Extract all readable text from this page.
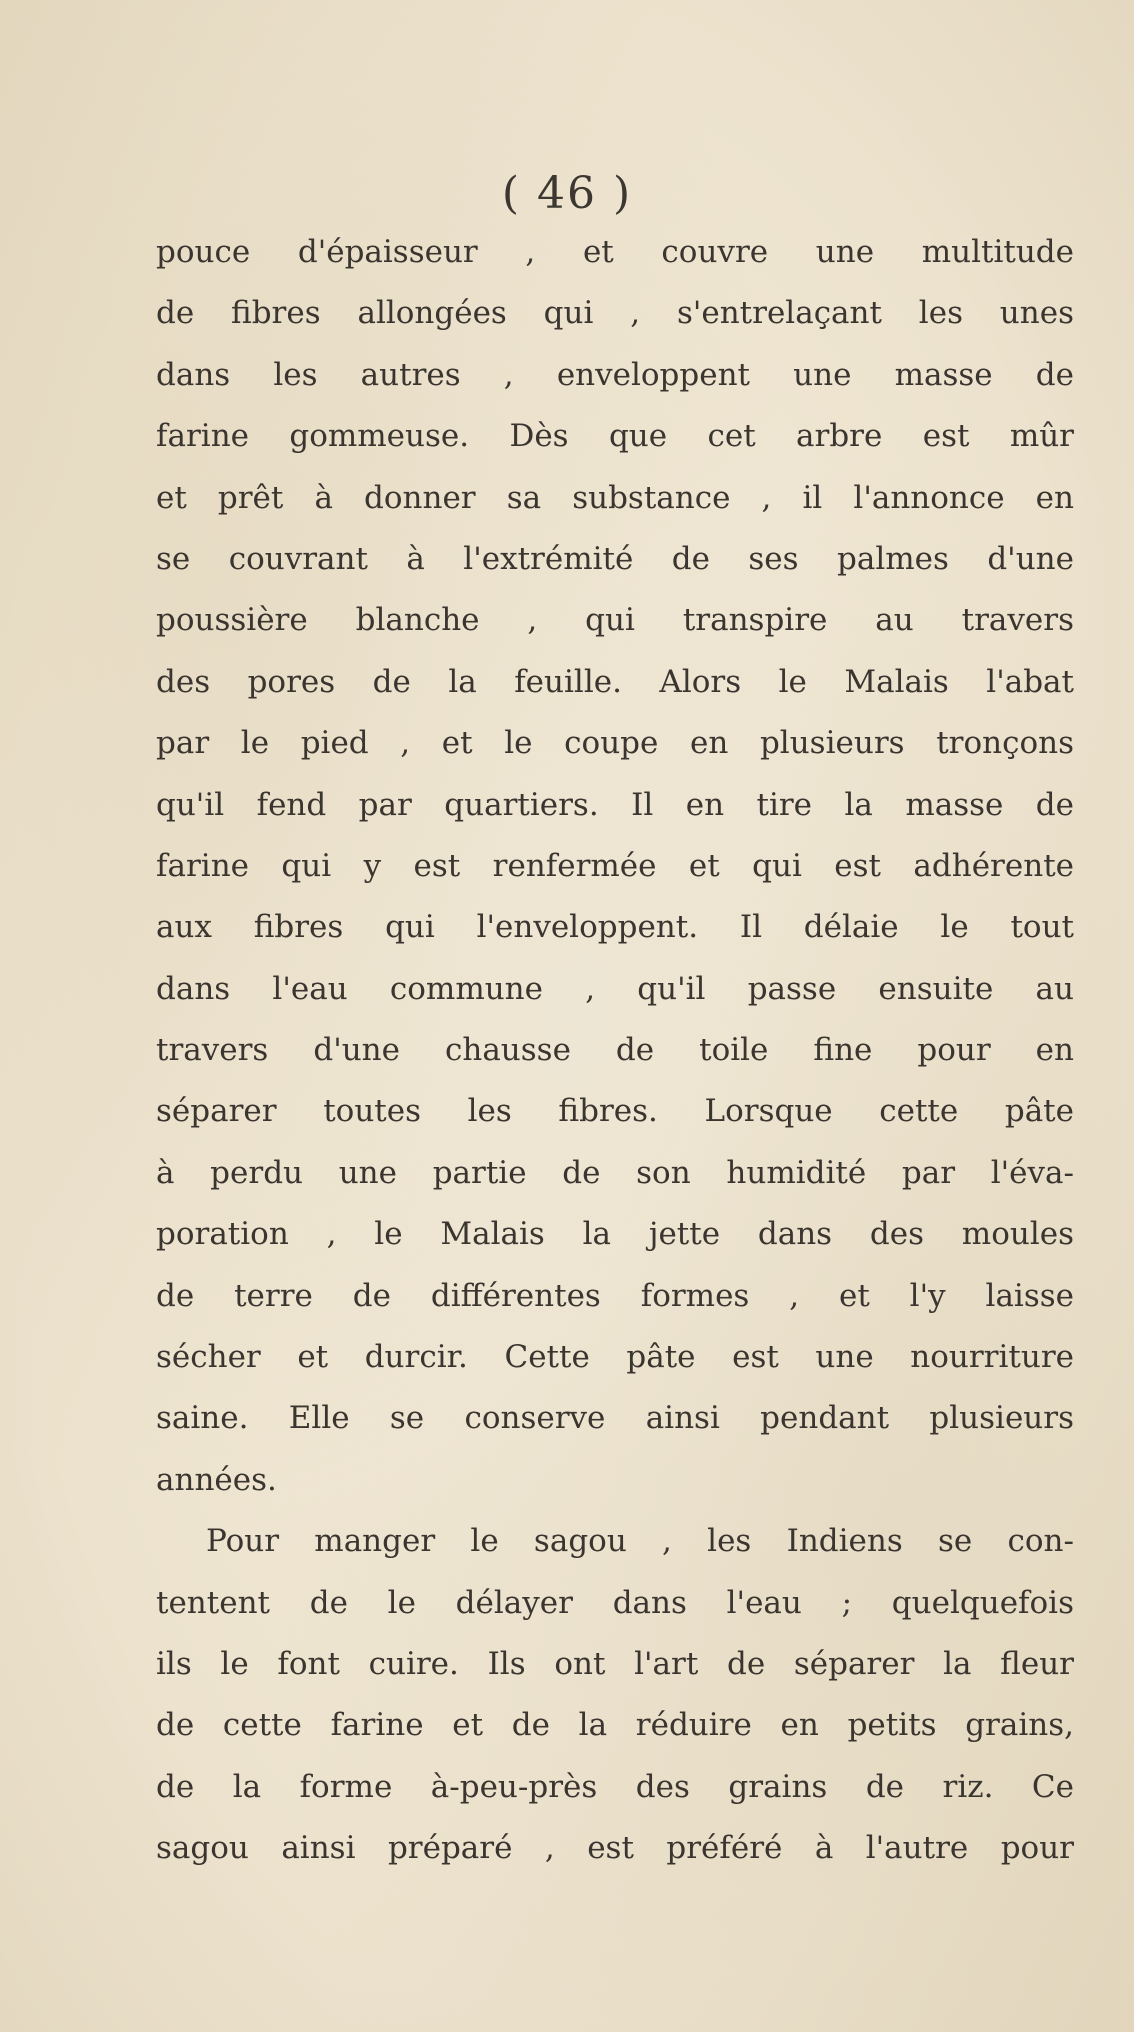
( 46 )
pouce d'épaisseur , et couvre une multitude
de fibres allongées qui , s'entrelaçant les unes
dans les autres , enveloppent une masse de
farine gommeuse. Dès que cet arbre est mûr
et prêt à donner sa substance , il l'annonce en
se couvrant à l'extrémité de ses palmes d'une
poussière blanche , qui transpire au travers
des pores de la feuille. Alors le Malais l'abat
par le pied , et le coupe en plusieurs tronçons
qu'il fend par quartiers. Il en tire la masse de
farine qui y est renfermée et qui est adhérente
aux fibres qui l'enveloppent. Il délaie le tout
dans l'eau commune , qu'il passe ensuite au
travers d'une chausse de toile fine pour en
séparer toutes les fibres. Lorsque cette pâte
à perdu une partie de son humidité par l'éva-
poration , le Malais la jette dans des moules
de terre de différentes formes , et l'y laisse
sécher et durcir. Cette pâte est une nourriture
saine. Elle se conserve ainsi pendant plusieurs
années.
Pour manger le sagou , les Indiens se con-
tentent de le délayer dans l'eau ; quelquefois
ils le font cuire. Ils ont l'art de séparer la fleur
de cette farine et de la réduire en petits grains,
de la forme à-peu-près des grains de riz. Ce
sagou ainsi préparé , est préféré à l'autre pour
